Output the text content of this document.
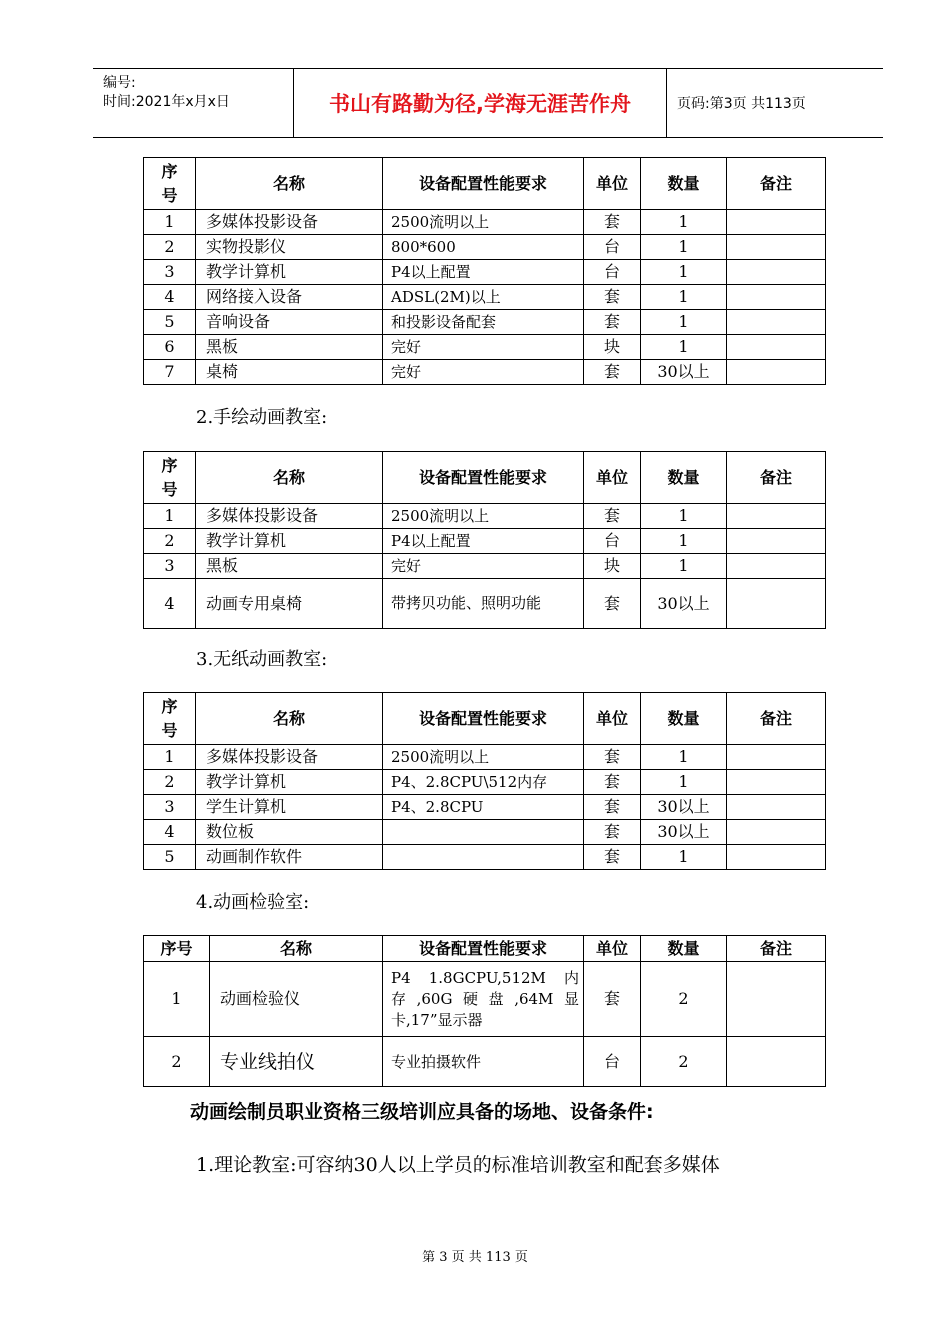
编号:
时间:2021年x月x日	书山有路勤为径,学海无涯苦作舟	页码:第3页 共113页
序号	名称	设备配置性能要求	单位	数量	备注
1	多媒体投影设备	2500流明以上	套	1	
2	实物投影仪	800*600	台	1	
3	教学计算机	P4以上配置	台	1	
4	网络接入设备	ADSL(2M)以上	套	1	
5	音响设备	和投影设备配套	套	1	
6	黑板	完好	块	1	
7	桌椅	完好	套	30以上	
2.手绘动画教室:
序号	名称	设备配置性能要求	单位	数量	备注
1	多媒体投影设备	2500流明以上	套	1	
2	教学计算机	P4以上配置	台	1	
3	黑板	完好	块	1	
4	动画专用桌椅	带拷贝功能、照明功能	套	30以上	
3.无纸动画教室:
序号	名称	设备配置性能要求	单位	数量	备注
1	多媒体投影设备	2500流明以上	套	1	
2	教学计算机	P4、2.8CPU\512内存	套	1	
3	学生计算机	P4、2.8CPU	套	30以上	
4	数位板		套	30以上	
5	动画制作软件		套	1	
4.动画检验室:
序号	名称	设备配置性能要求	单位	数量	备注
1	动画检验仪	P4 1.8GCPU,512M 内存,60G硬盘,64M显卡,17”显示器	套	2	
2	专业线拍仪	专业拍摄软件	台	2	
动画绘制员职业资格三级培训应具备的场地、设备条件:
1.理论教室:可容纳30人以上学员的标准培训教室和配套多媒体
第 3 页 共 113 页
